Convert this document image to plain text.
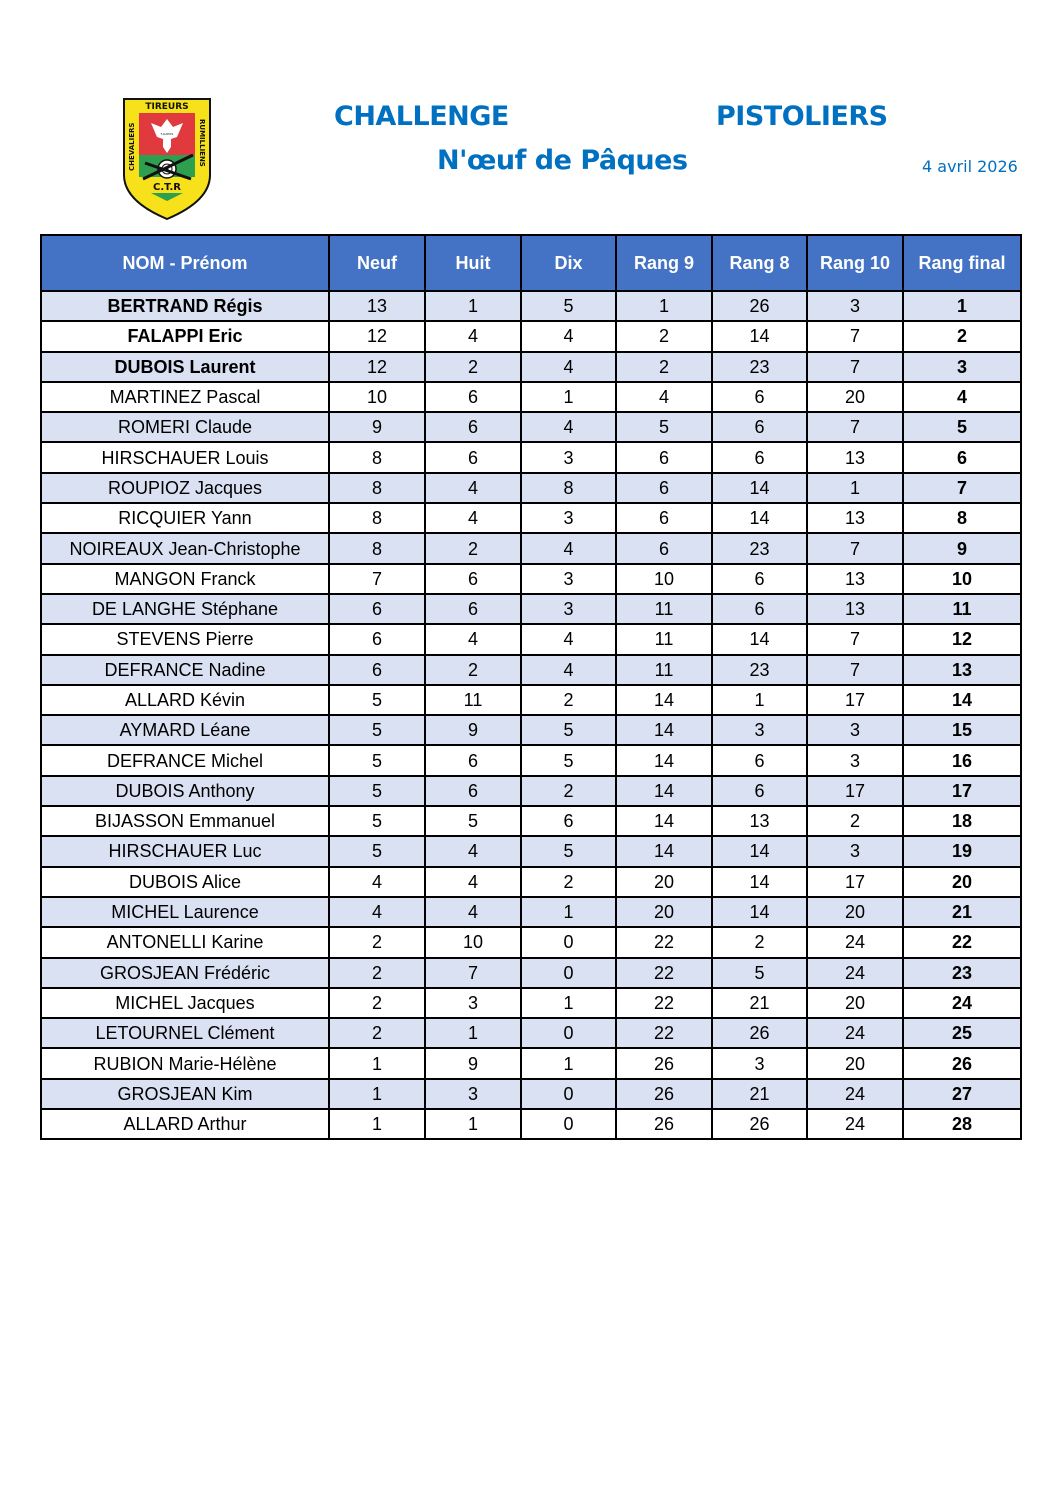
TIREURS
CHEVALIERS	RUMILLIENS
F.GAPOS
C.T.R
CHALLENGE	PISTOLIERS
N'œuf de Pâques	4 avril 2026
NOM - Prénom	Neuf	Huit	Dix	Rang 9	Rang 8	Rang 10	Rang final
BERTRAND Régis	13	1	5	1	26	3	1
FALAPPI Eric	12	4	4	2	14	7	2
DUBOIS Laurent	12	2	4	2	23	7	3
MARTINEZ Pascal	10	6	1	4	6	20	4
ROMERI Claude	9	6	4	5	6	7	5
HIRSCHAUER Louis	8	6	3	6	6	13	6
ROUPIOZ Jacques	8	4	8	6	14	1	7
RICQUIER Yann	8	4	3	6	14	13	8
NOIREAUX Jean-Christophe	8	2	4	6	23	7	9
MANGON Franck	7	6	3	10	6	13	10
DE LANGHE Stéphane	6	6	3	11	6	13	11
STEVENS Pierre	6	4	4	11	14	7	12
DEFRANCE Nadine	6	2	4	11	23	7	13
ALLARD Kévin	5	11	2	14	1	17	14
AYMARD Léane	5	9	5	14	3	3	15
DEFRANCE Michel	5	6	5	14	6	3	16
DUBOIS Anthony	5	6	2	14	6	17	17
BIJASSON Emmanuel	5	5	6	14	13	2	18
HIRSCHAUER Luc	5	4	5	14	14	3	19
DUBOIS Alice	4	4	2	20	14	17	20
MICHEL Laurence	4	4	1	20	14	20	21
ANTONELLI Karine	2	10	0	22	2	24	22
GROSJEAN Frédéric	2	7	0	22	5	24	23
MICHEL Jacques	2	3	1	22	21	20	24
LETOURNEL Clément	2	1	0	22	26	24	25
RUBION Marie-Hélène	1	9	1	26	3	20	26
GROSJEAN Kim	1	3	0	26	21	24	27
ALLARD Arthur	1	1	0	26	26	24	28
